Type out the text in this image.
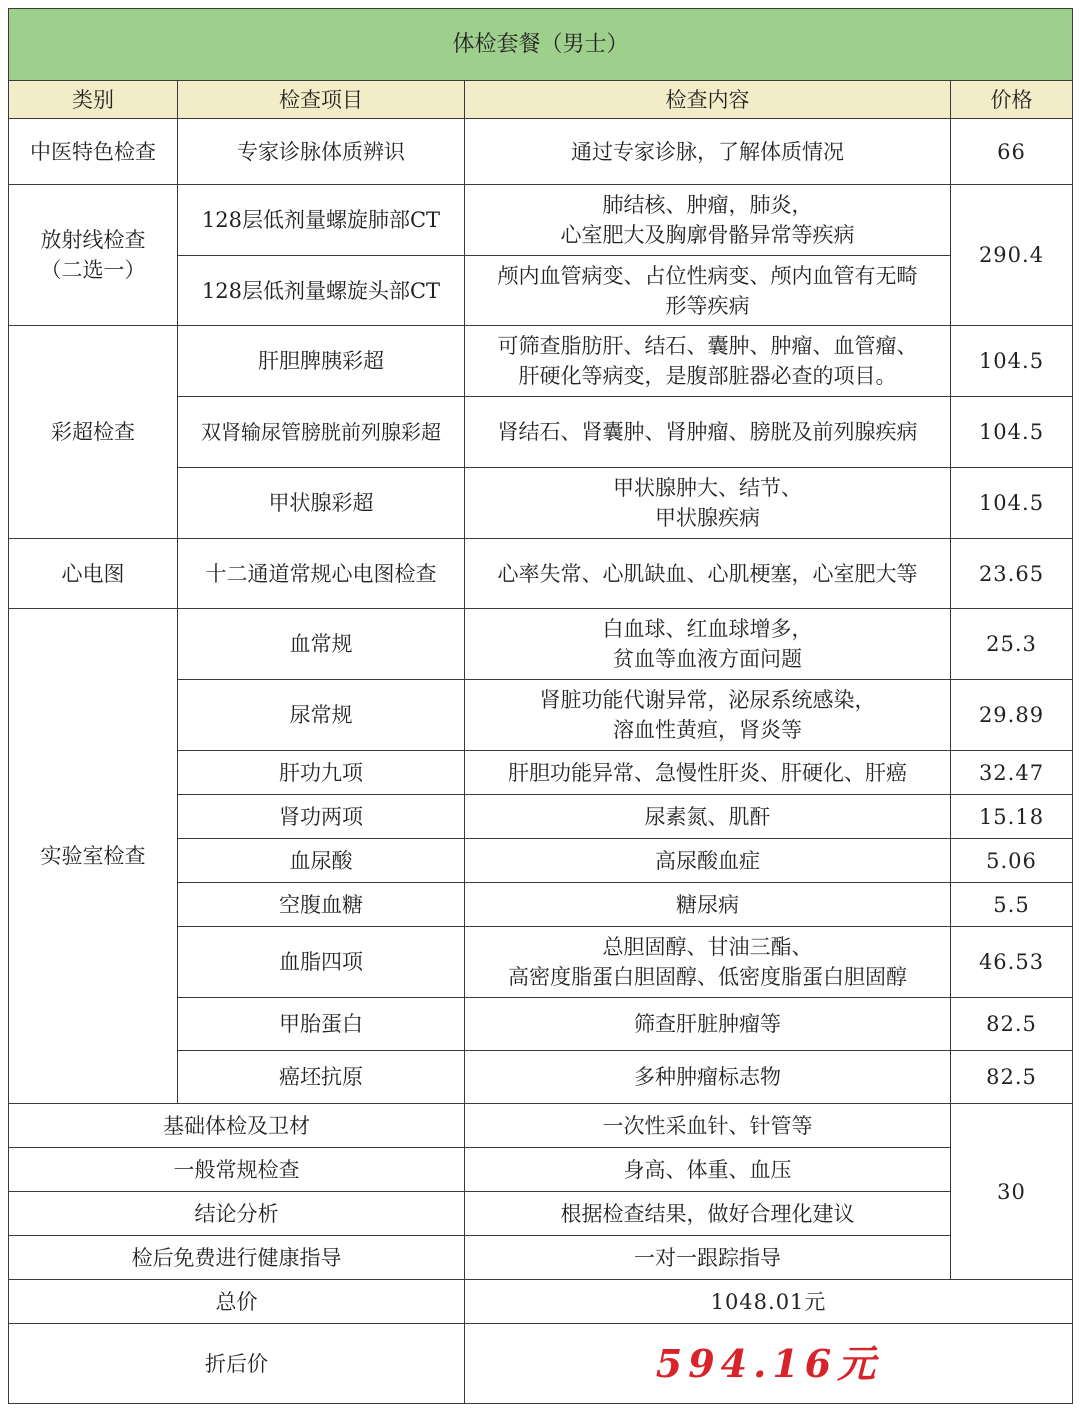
体检套餐（男士）			
类别	检查项目	检查内容	价格
中医特色检查	专家诊脉体质辨识	通过专家诊脉，了解体质情况	66

放射线检查
（二选一）	128层低剂量螺旋肺部CT	肺结核、肿瘤，肺炎，
心室肥大及胸廓骨骼异常等疾病	290.4
	128层低剂量螺旋头部CT	颅内血管病变、占位性病变、颅内血管有无畸
形等疾病	

彩超检查	肝胆脾胰彩超	可筛查脂肪肝、结石、囊肿、肿瘤、血管瘤、
肝硬化等病变，是腹部脏器必查的项目。	104.5
	双肾输尿管膀胱前列腺彩超	肾结石、肾囊肿、肾肿瘤、膀胱及前列腺疾病	104.5
	甲状腺彩超	甲状腺肿大、结节、
甲状腺疾病	104.5
心电图	十二通道常规心电图检查	心率失常、心肌缺血、心肌梗塞，心室肥大等	23.65
实验室检查	血常规	白血球、红血球增多，
贫血等血液方面问题	25.3
	尿常规	肾脏功能代谢异常，泌尿系统感染，
溶血性黄疸，肾炎等	29.89
	肝功九项	肝胆功能异常、急慢性肝炎、肝硬化、肝癌	32.47
	肾功两项	尿素氮、肌酐	15.18
	血尿酸	高尿酸血症	5.06
	空腹血糖	糖尿病	5.5
	血脂四项	总胆固醇、甘油三酯、
高密度脂蛋白胆固醇、低密度脂蛋白胆固醇	46.53
	甲胎蛋白	筛查肝脏肿瘤等	82.5
	癌坯抗原	多种肿瘤标志物	82.5
基础体检及卫材		一次性采血针、针管等	30
一般常规检查		身高、体重、血压	
结论分析		根据检查结果，做好合理化建议	
检后免费进行健康指导		一对一跟踪指导	
总价		1048.01元	
折后价		594.16元	
